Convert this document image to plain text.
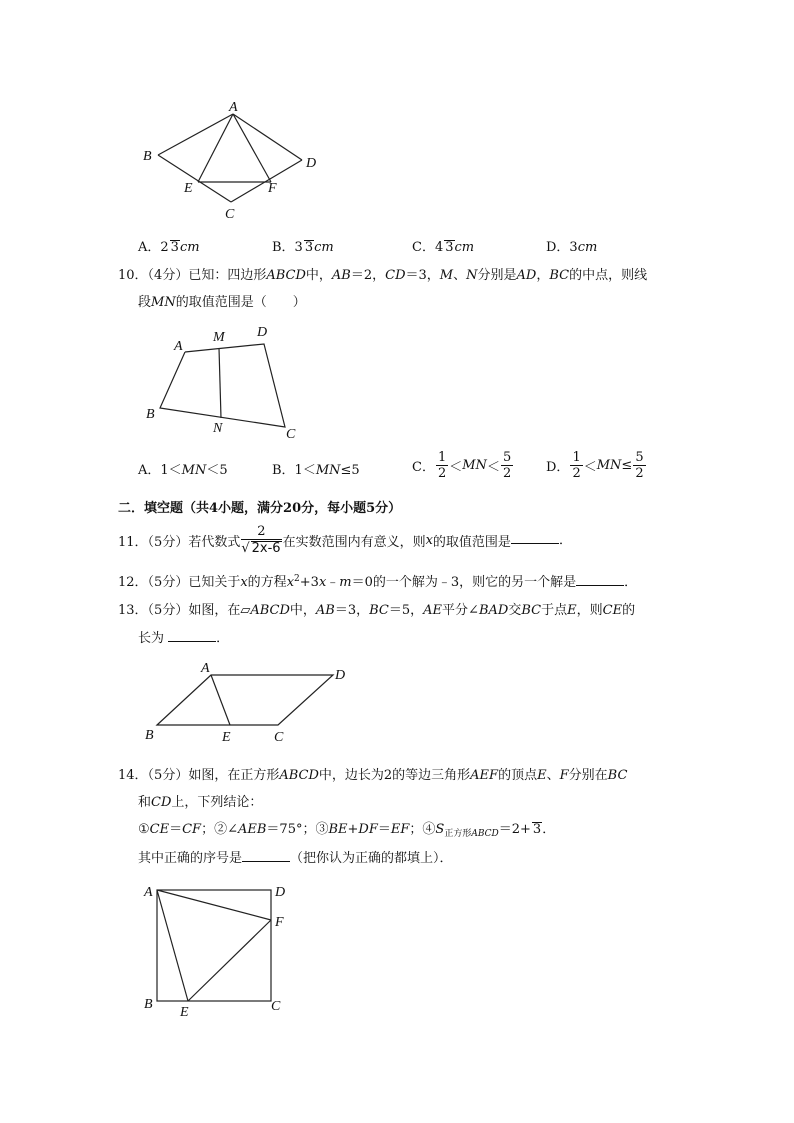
A
B	D
E	F
C
A．2 3cm	B．3 3cm	C．4 3cm	D．3cm
10．（4分）已知：四边形ABCD中，AB＝2，CD＝3，M、N分别是AD，BC的中点，则线
段MN的取值范围是（　　）
A
M D
B
N	C
A．1＜MN＜5	B．1＜MN≤5	C． $\frac{1}{2} <MN< \frac{5}{2}$	D． $\frac{1}{2} <MN\le \frac{5}{2}$
二．填空题（共4小题，满分20分，每小题5分）
11．（5分）若代数式 $\frac{2}{√ 2x-6}$ 在实数范围内有意义，则x的取值范围是	．
12．（5分）已知关于x的方程$x^2+3x﹣m=0$的一个解为﹣3，则它的另一个解是	．
13．（5分）如图，在▱ABCD中，AB＝3，BC＝5，AE平分∠BAD交BC于点E，则CE的
长为	．
A	D
B	E	C
14．（5分）如图，在正方形ABCD中，边长为2的等边三角形AEF的顶点E、F分别在BC
和CD上，下列结论：
①CE＝CF；②∠AEB＝75°；③BE+DF＝EF；$④S_{正方形ABCD}=2+ 3$．
其中正确的序号是	（把你认为正确的都填上）．
A	D
F
B
E	C
